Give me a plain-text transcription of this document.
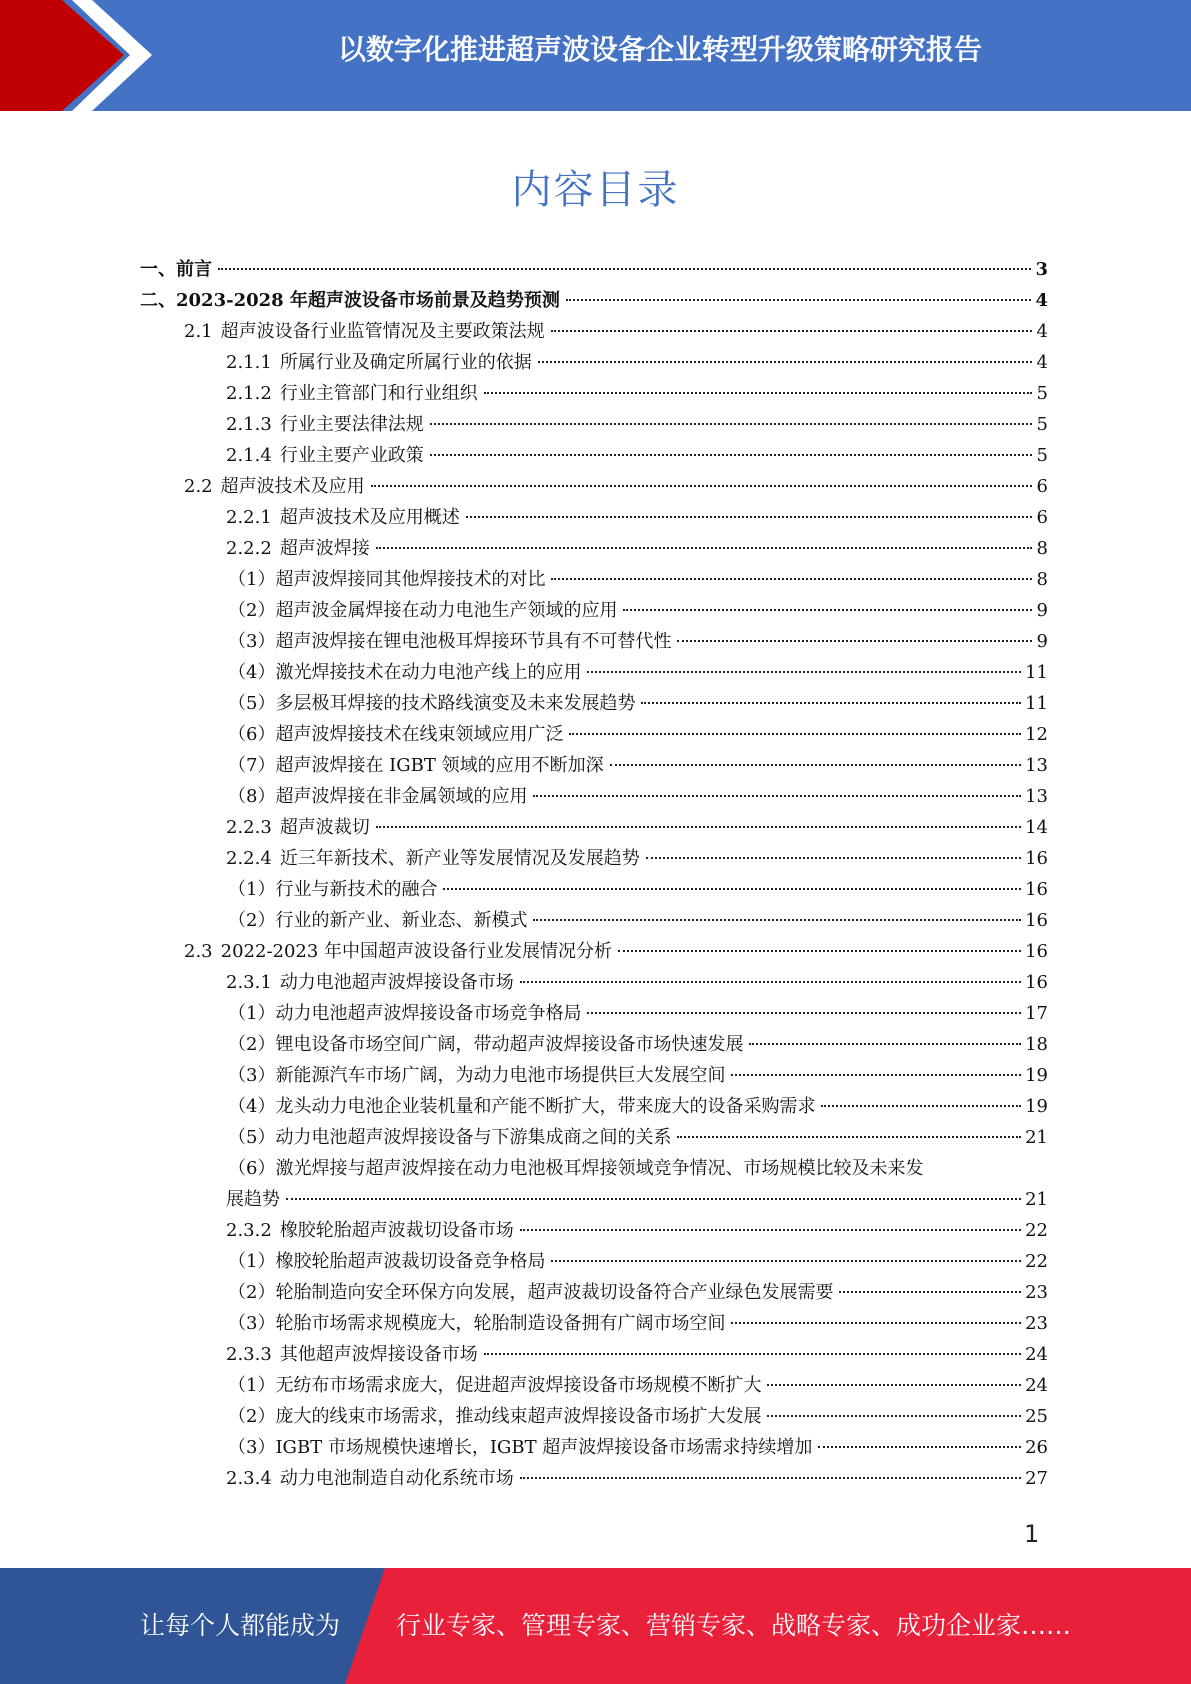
以数字化推进超声波设备企业转型升级策略研究报告
内容目录
一、前言	3
二、2023-2028 年超声波设备市场前景及趋势预测	4
2.1 超声波设备行业监管情况及主要政策法规	4
2.1.1 所属行业及确定所属行业的依据	4
2.1.2 行业主管部门和行业组织	5
2.1.3 行业主要法律法规	5
2.1.4 行业主要产业政策	5
2.2 超声波技术及应用	6
2.2.1 超声波技术及应用概述	6
2.2.2 超声波焊接	8
（1）超声波焊接同其他焊接技术的对比	8
（2）超声波金属焊接在动力电池生产领域的应用	9
（3）超声波焊接在锂电池极耳焊接环节具有不可替代性	9
（4）激光焊接技术在动力电池产线上的应用	11
（5）多层极耳焊接的技术路线演变及未来发展趋势	11
（6）超声波焊接技术在线束领域应用广泛	12
（7）超声波焊接在 IGBT 领域的应用不断加深	13
（8）超声波焊接在非金属领域的应用	13
2.2.3 超声波裁切	14
2.2.4 近三年新技术、新产业等发展情况及发展趋势	16
（1）行业与新技术的融合	16
（2）行业的新产业、新业态、新模式	16
2.3 2022-2023 年中国超声波设备行业发展情况分析	16
2.3.1 动力电池超声波焊接设备市场	16
（1）动力电池超声波焊接设备市场竞争格局	17
（2）锂电设备市场空间广阔，带动超声波焊接设备市场快速发展	18
（3）新能源汽车市场广阔，为动力电池市场提供巨大发展空间	19
（4）龙头动力电池企业装机量和产能不断扩大，带来庞大的设备采购需求	19
（5）动力电池超声波焊接设备与下游集成商之间的关系	21
（6）激光焊接与超声波焊接在动力电池极耳焊接领域竞争情况、市场规模比较及未来发
展趋势	21
2.3.2 橡胶轮胎超声波裁切设备市场	22
（1）橡胶轮胎超声波裁切设备竞争格局	22
（2）轮胎制造向安全环保方向发展，超声波裁切设备符合产业绿色发展需要	23
（3）轮胎市场需求规模庞大，轮胎制造设备拥有广阔市场空间	23
2.3.3 其他超声波焊接设备市场	24
（1）无纺布市场需求庞大，促进超声波焊接设备市场规模不断扩大	24
（2）庞大的线束市场需求，推动线束超声波焊接设备市场扩大发展	25
（3）IGBT 市场规模快速增长，IGBT 超声波焊接设备市场需求持续增加	26
2.3.4 动力电池制造自动化系统市场	27
1
让每个人都能成为 行业专家、管理专家、营销专家、战略专家、成功企业家……
